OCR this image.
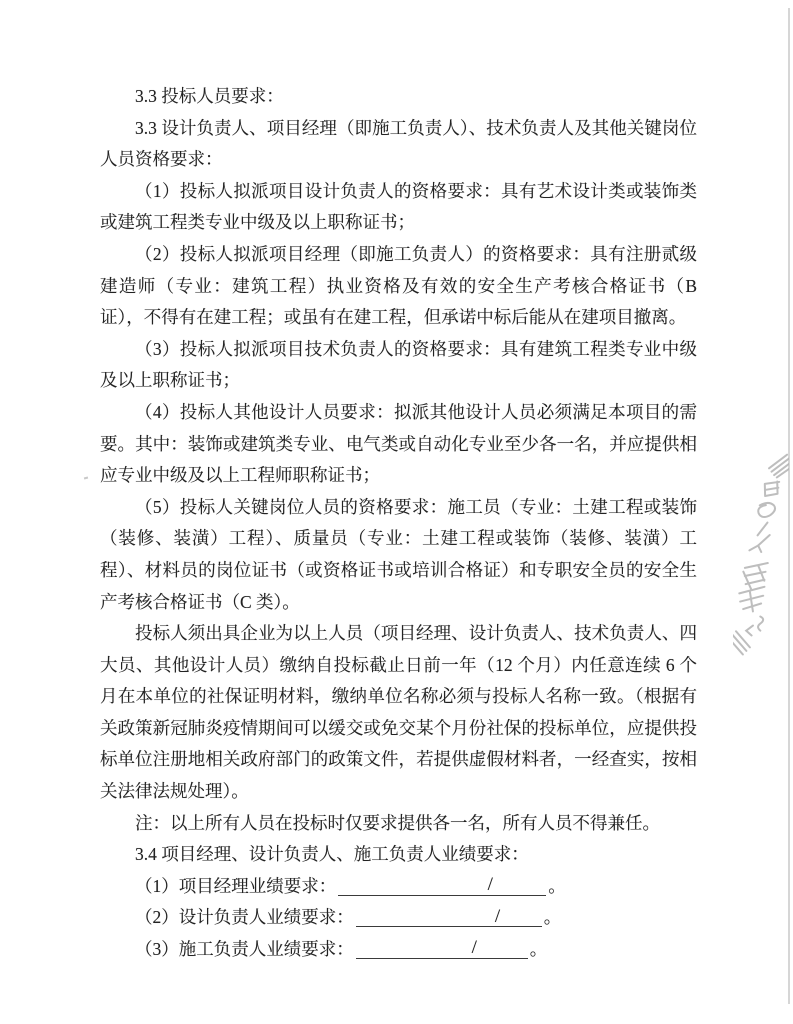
3.3 投标人员要求：

3.3 设计负责人、项目经理（即施工负责人）、技术负责人及其他关键岗位人员资格要求：

（1）投标人拟派项目设计负责人的资格要求：具有艺术设计类或装饰类或建筑工程类专业中级及以上职称证书；

（2）投标人拟派项目经理（即施工负责人）的资格要求：具有注册贰级建造师（专业：建筑工程）执业资格及有效的安全生产考核合格证书（B 证），不得有在建工程；或虽有在建工程，但承诺中标后能从在建项目撤离。

（3）投标人拟派项目技术负责人的资格要求：具有建筑工程类专业中级及以上职称证书；

（4）投标人其他设计人员要求：拟派其他设计人员必须满足本项目的需要。其中：装饰或建筑类专业、电气类或自动化专业至少各一名，并应提供相应专业中级及以上工程师职称证书；

（5）投标人关键岗位人员的资格要求：施工员（专业：土建工程或装饰（装修、装潢）工程）、质量员（专业：土建工程或装饰（装修、装潢）工程）、材料员的岗位证书（或资格证书或培训合格证）和专职安全员的安全生产考核合格证书（C 类）。

投标人须出具企业为以上人员（项目经理、设计负责人、技术负责人、四大员、其他设计人员）缴纳自投标截止日前一年（12 个月）内任意连续 6 个月在本单位的社保证明材料，缴纳单位名称必须与投标人名称一致。（根据有关政策新冠肺炎疫情期间可以缓交或免交某个月份社保的投标单位，应提供投标单位注册地相关政府部门的政策文件，若提供虚假材料者，一经查实，按相关法律法规处理）。

注：以上所有人员在投标时仅要求提供各一名，所有人员不得兼任。

3.4 项目经理、设计负责人、施工负责人业绩要求：

（1）项目经理业绩要求：	/	。
（2）设计负责人业绩要求：	/ 。
（3）施工负责人业绩要求：	/	。
